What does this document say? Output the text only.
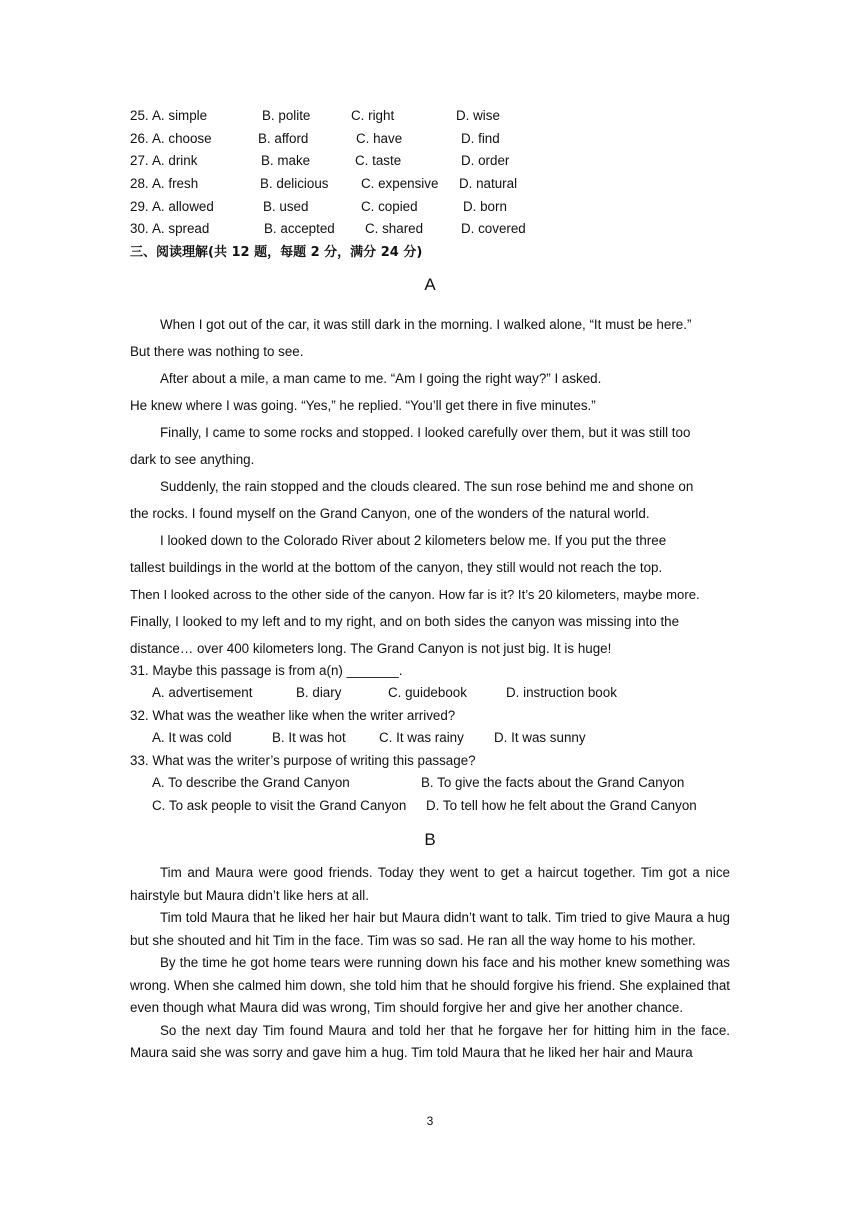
25. A. simple	B. polite	C. right	D. wise
26. A. choose	B. afford	C. have	D. find
27. A. drink	B. make	C. taste	D. order
28. A. fresh	B. delicious C. expensive D. natural
29. A. allowed	B. used	C. copied	D. born
30. A. spread	B. accepted C. shared	D. covered
三、阅读理解(共 12 题，每题 2 分，满分 24 分)
A
When I got out of the car, it was still dark in the morning. I walked alone, “It must be here.”
But there was nothing to see.
After about a mile, a man came to me. “Am I going the right way?” I asked.
He knew where I was going. “Yes,” he replied. “You’ll get there in five minutes.”
Finally, I came to some rocks and stopped. I looked carefully over them, but it was still too
dark to see anything.
Suddenly, the rain stopped and the clouds cleared. The sun rose behind me and shone on
the rocks. I found myself on the Grand Canyon, one of the wonders of the natural world.
I looked down to the Colorado River about 2 kilometers below me. If you put the three
tallest buildings in the world at the bottom of the canyon, they still would not reach the top.
Then I looked across to the other side of the canyon. How far is it? It’s 20 kilometers, maybe more.
Finally, I looked to my left and to my right, and on both sides the canyon was missing into the
distance… over 400 kilometers long. The Grand Canyon is not just big. It is huge!
31. Maybe this passage is from a(n) _______.
A. advertisement	B. diary	C. guidebook	D. instruction book
32. What was the weather like when the writer arrived?
A. It was cold	B. It was hot C. It was rainy D. It was sunny
33. What was the writer’s purpose of writing this passage?
A. To describe the Grand Canyon	B. To give the facts about the Grand Canyon
C. To ask people to visit the Grand Canyon D. To tell how he felt about the Grand Canyon
B

Tim and Maura were good friends. Today they went to get a haircut together. Tim got a nice hairstyle but Maura didn’t like hers at all.

Tim told Maura that he liked her hair but Maura didn’t want to talk. Tim tried to give Maura a hug but she shouted and hit Tim in the face. Tim was so sad. He ran all the way home to his mother.

By the time he got home tears were running down his face and his mother knew something was wrong. When she calmed him down, she told him that he should forgive his friend. She explained that even though what Maura did was wrong, Tim should forgive her and give her another chance.

So the next day Tim found Maura and told her that he forgave her for hitting him in the face. Maura said she was sorry and gave him a hug. Tim told Maura that he liked her hair and Maura

3
